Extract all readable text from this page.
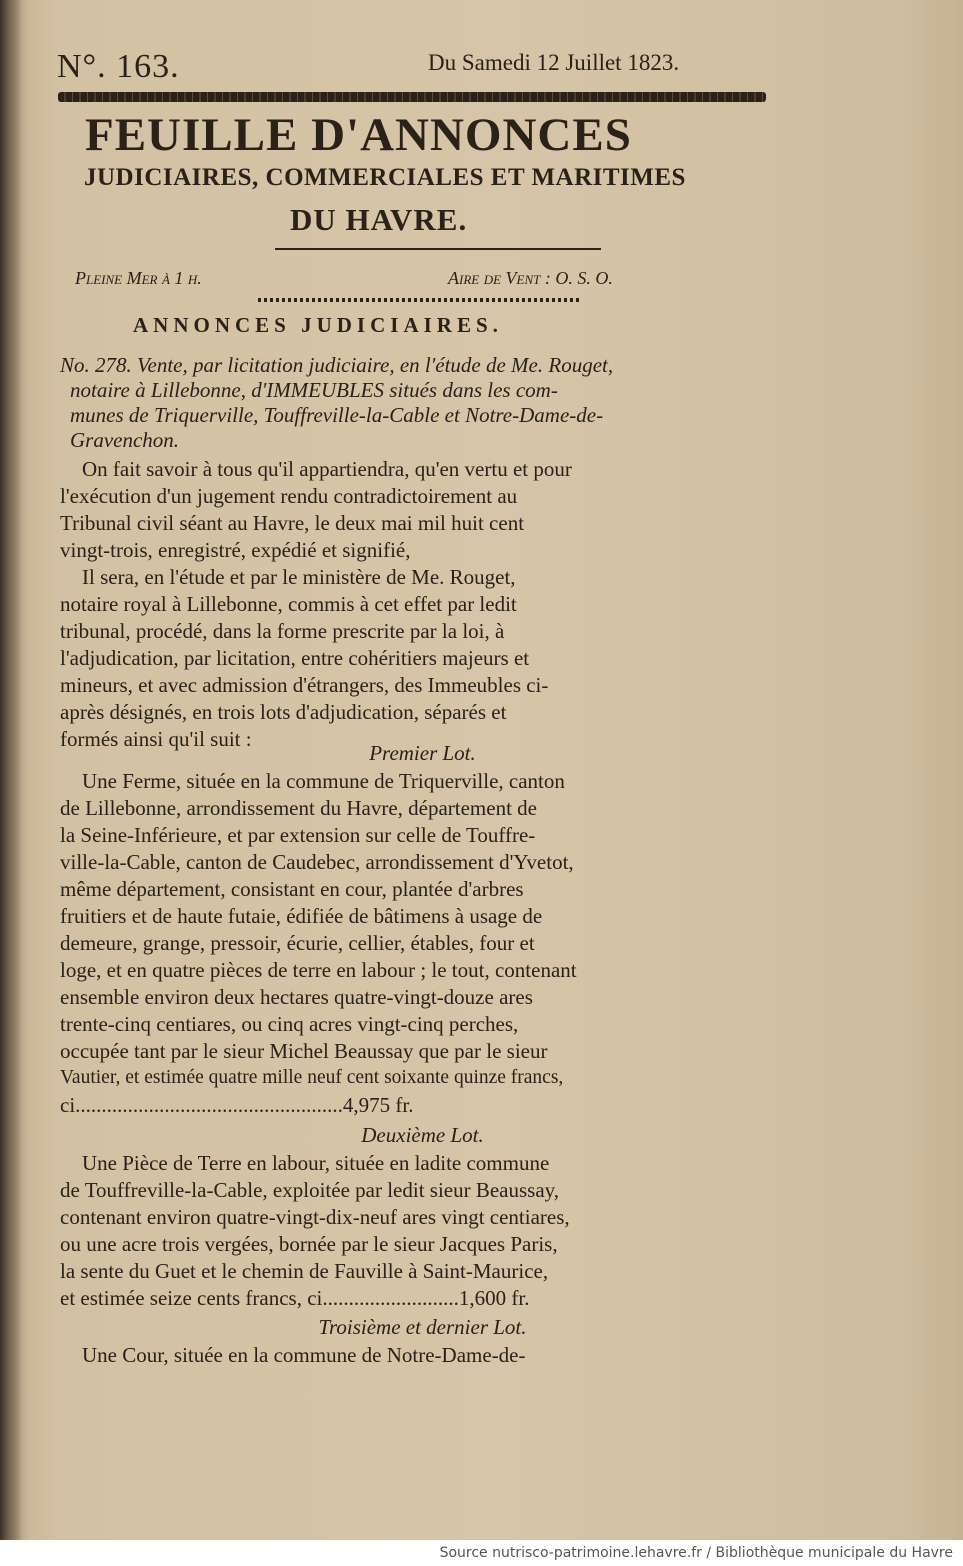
N°. 163.	Du Samedi 12 Juillet 1823.
FEUILLE D'ANNONCES
JUDICIAIRES, COMMERCIALES ET MARITIMES
DU HAVRE.
Pleine Mer à 1 h.	Aire de Vent : O. S. O.
ANNONCES JUDICIAIRES.
No. 278. Vente, par licitation judiciaire, en l'étude de Me. Rouget,
notaire à Lillebonne, d'IMMEUBLES situés dans les com-
munes de Triquerville, Touffreville-la-Cable et Notre-Dame-de-
Gravenchon.
On fait savoir à tous qu'il appartiendra, qu'en vertu et pour
l'exécution d'un jugement rendu contradictoirement au
Tribunal civil séant au Havre, le deux mai mil huit cent
vingt-trois, enregistré, expédié et signifié,
Il sera, en l'étude et par le ministère de Me. Rouget,
notaire royal à Lillebonne, commis à cet effet par ledit
tribunal, procédé, dans la forme prescrite par la loi, à
l'adjudication, par licitation, entre cohéritiers majeurs et
mineurs, et avec admission d'étrangers, des Immeubles ci-
après désignés, en trois lots d'adjudication, séparés et
formés ainsi qu'il suit :
Premier Lot.
Une Ferme, située en la commune de Triquerville, canton
de Lillebonne, arrondissement du Havre, département de
la Seine-Inférieure, et par extension sur celle de Touffre-
ville-la-Cable, canton de Caudebec, arrondissement d'Yvetot,
même département, consistant en cour, plantée d'arbres
fruitiers et de haute futaie, édifiée de bâtimens à usage de
demeure, grange, pressoir, écurie, cellier, étables, four et
loge, et en quatre pièces de terre en labour ; le tout, contenant
ensemble environ deux hectares quatre-vingt-douze ares
trente-cinq centiares, ou cinq acres vingt-cinq perches,
occupée tant par le sieur Michel Beaussay que par le sieur
Vautier, et estimée quatre mille neuf cent soixante quinze francs,
ci...................................................4,975 fr.
Deuxième Lot.
Une Pièce de Terre en labour, située en ladite commune
de Touffreville-la-Cable, exploitée par ledit sieur Beaussay,
contenant environ quatre-vingt-dix-neuf ares vingt centiares,
ou une acre trois vergées, bornée par le sieur Jacques Paris,
la sente du Guet et le chemin de Fauville à Saint-Maurice,
et estimée seize cents francs, ci..........................1,600 fr.
Troisième et dernier Lot.
Une Cour, située en la commune de Notre-Dame-de-
Source nutrisco-patrimoine.lehavre.fr / Bibliothèque municipale du Havre
